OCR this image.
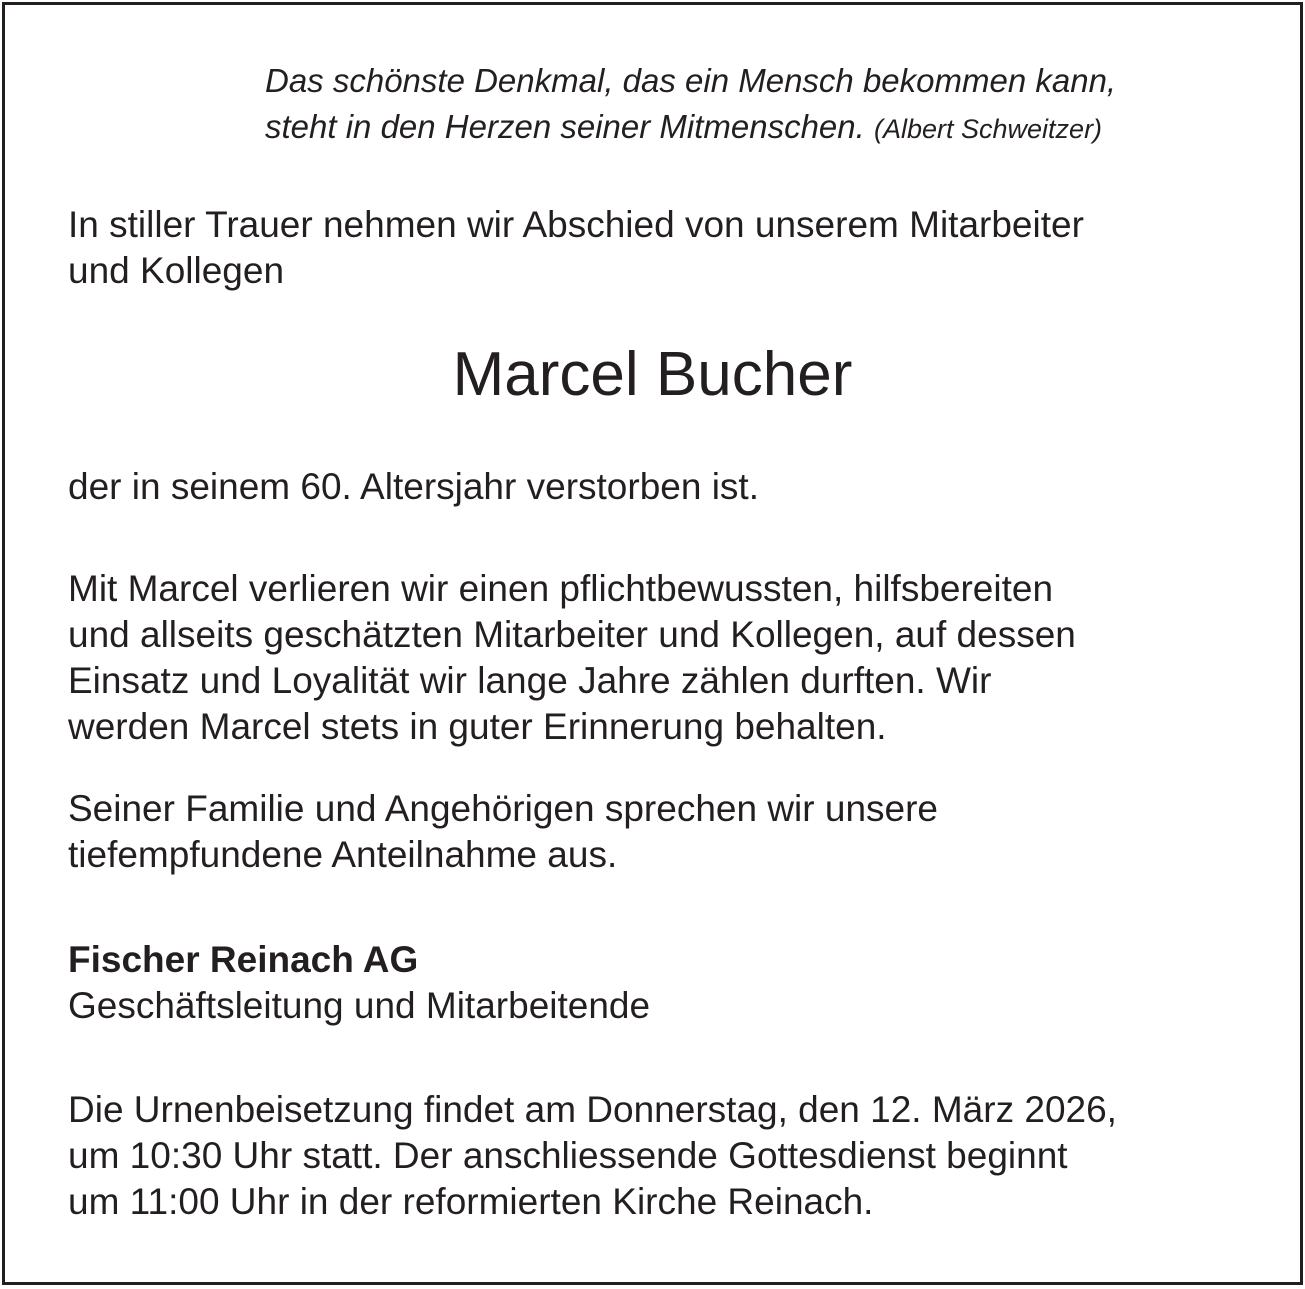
Das schönste Denkmal, das ein Mensch bekommen kann,
steht in den Herzen seiner Mitmenschen. (Albert Schweitzer)
In stiller Trauer nehmen wir Abschied von unserem Mitarbeiter
und Kollegen
Marcel Bucher
der in seinem 60. Altersjahr verstorben ist.
Mit Marcel verlieren wir einen pflichtbewussten, hilfsbereiten
und allseits geschätzten Mitarbeiter und Kollegen, auf dessen
Einsatz und Loyalität wir lange Jahre zählen durften. Wir
werden Marcel stets in guter Erinnerung behalten.
Seiner Familie und Angehörigen sprechen wir unsere
tiefempfundene Anteilnahme aus.
Fischer Reinach AG
Geschäftsleitung und Mitarbeitende
Die Urnenbeisetzung findet am Donnerstag, den 12. März 2026,
um 10:30 Uhr statt. Der anschliessende Gottesdienst beginnt
um 11:00 Uhr in der reformierten Kirche Reinach.
